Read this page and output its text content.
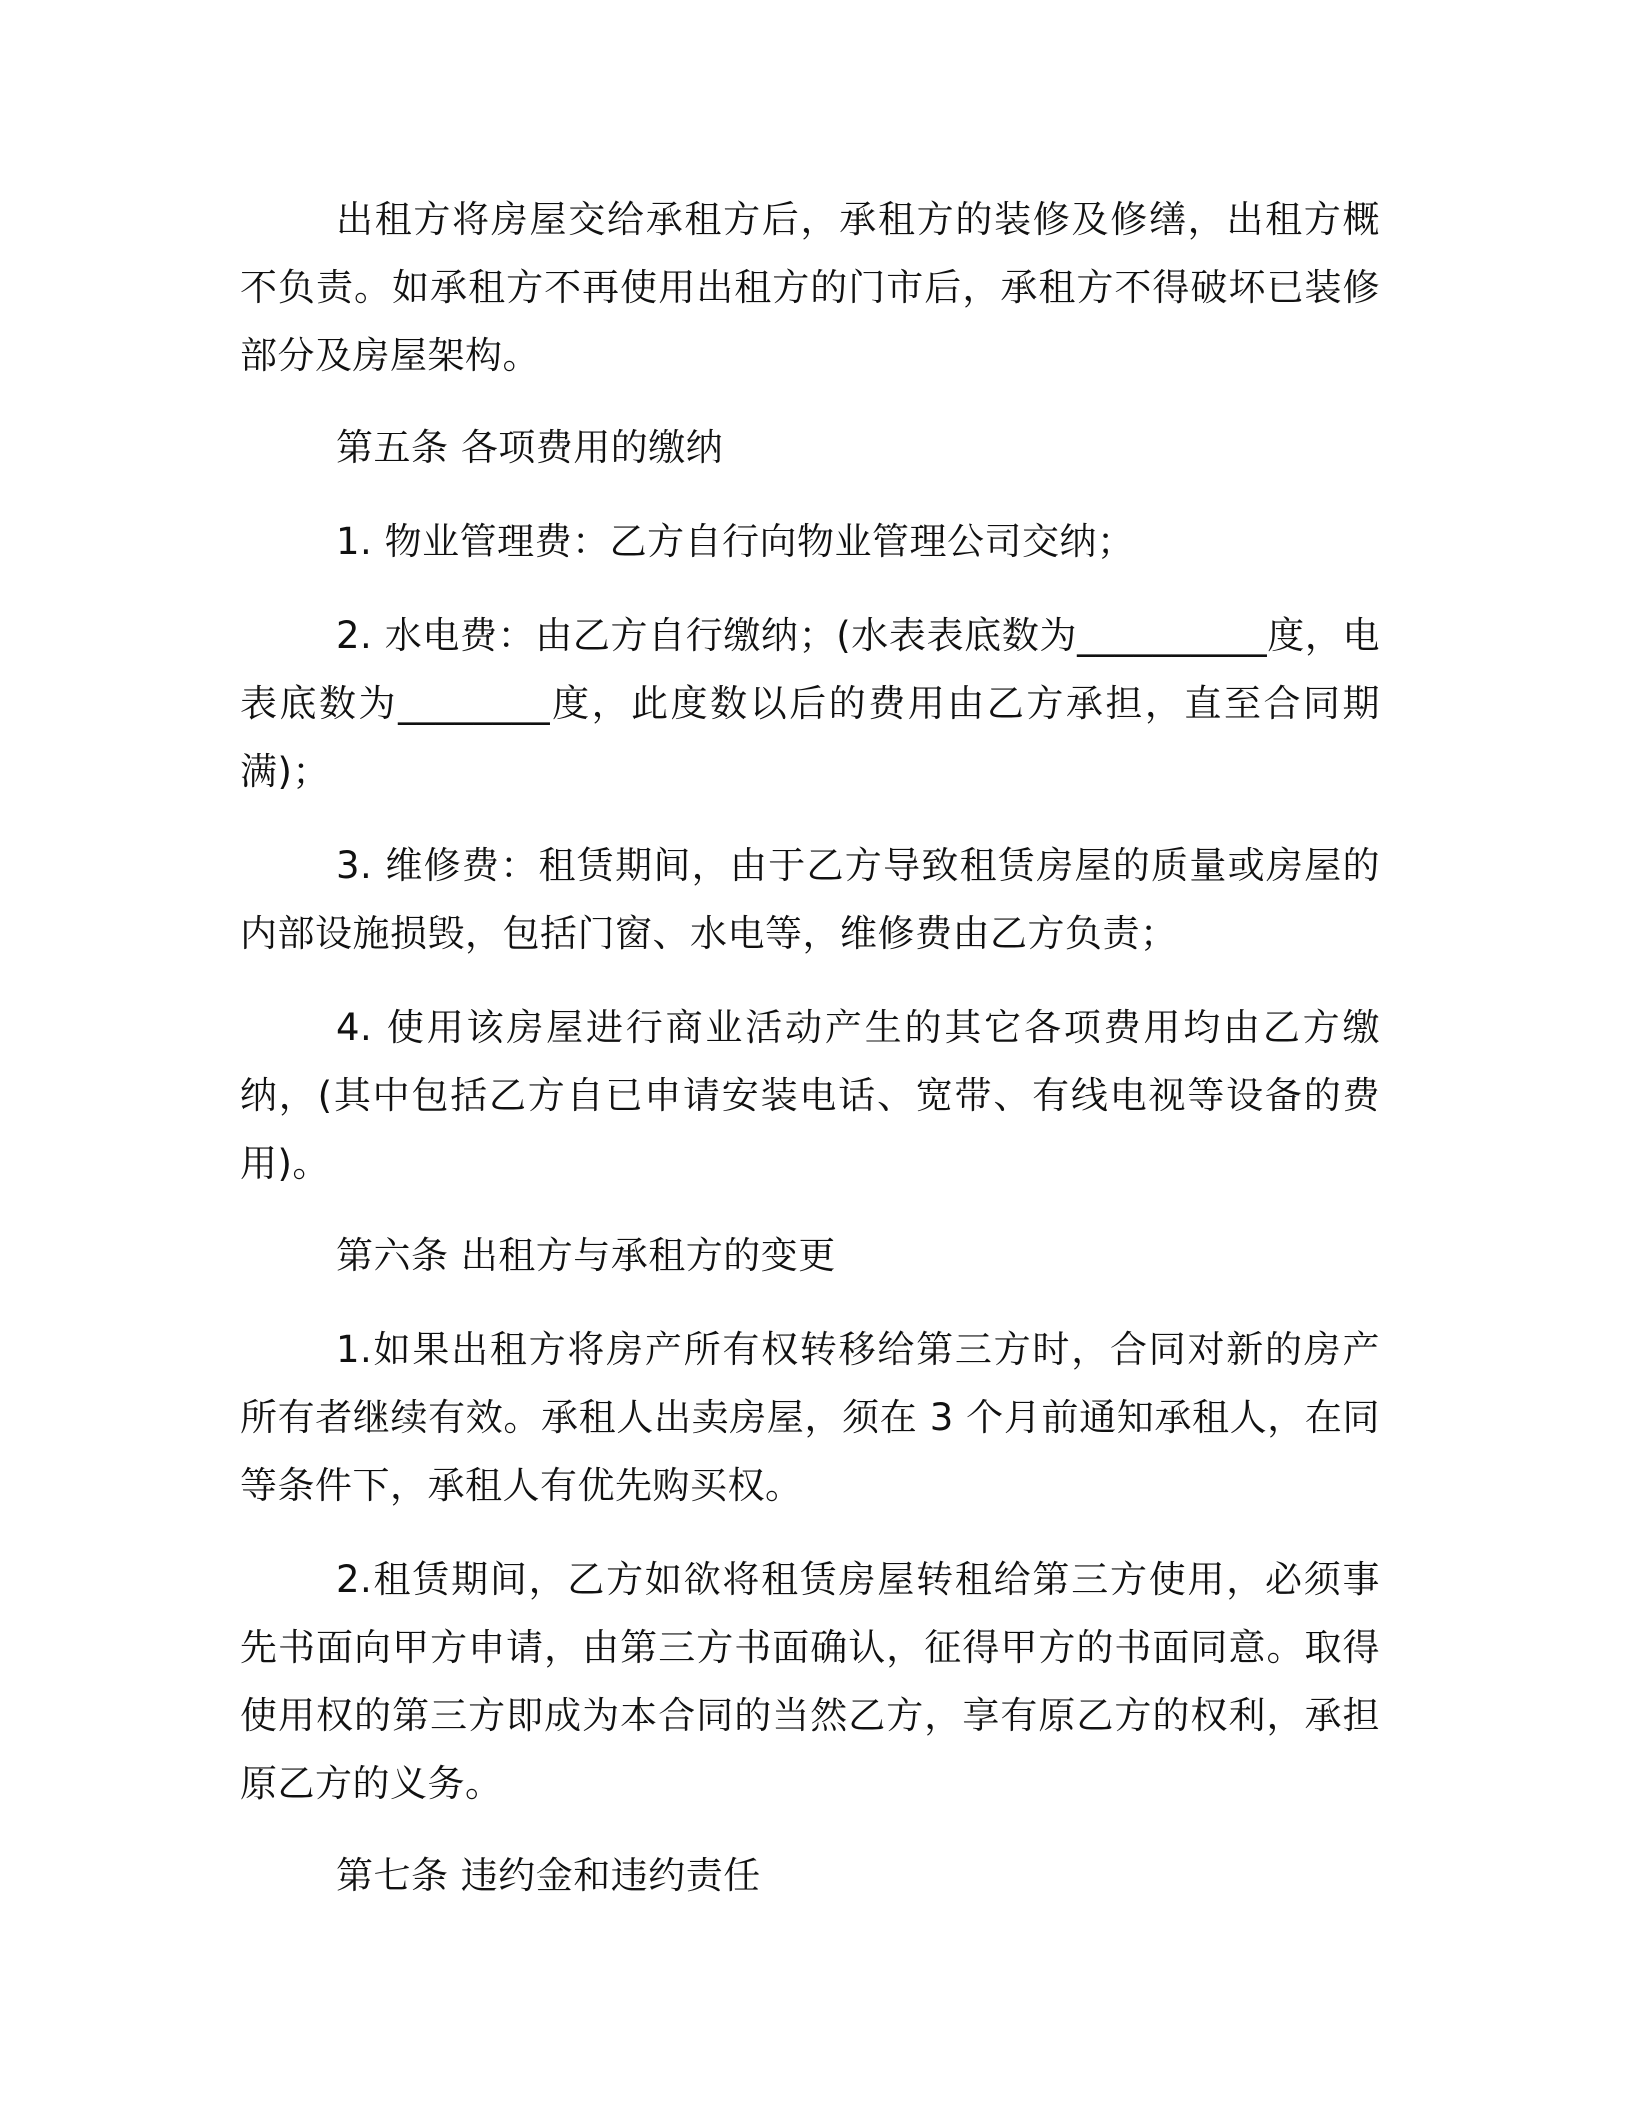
出租方将房屋交给承租方后，承租方的装修及修缮，出租方概不负责。如承租方不再使用出租方的门市后，承租方不得破坏已装修部分及房屋架构。

第五条 各项费用的缴纳

1. 物业管理费：乙方自行向物业管理公司交纳；

2. 水电费：由乙方自行缴纳；(水表表底数为__________度，电表底数为________度，此度数以后的费用由乙方承担，直至合同期满)；

3. 维修费：租赁期间，由于乙方导致租赁房屋的质量或房屋的内部设施损毁，包括门窗、水电等，维修费由乙方负责；

4. 使用该房屋进行商业活动产生的其它各项费用均由乙方缴纳，(其中包括乙方自已申请安装电话、宽带、有线电视等设备的费用)。

第六条 出租方与承租方的变更

1.如果出租方将房产所有权转移给第三方时，合同对新的房产所有者继续有效。承租人出卖房屋，须在 3 个月前通知承租人，在同等条件下，承租人有优先购买权。

2.租赁期间，乙方如欲将租赁房屋转租给第三方使用，必须事先书面向甲方申请，由第三方书面确认，征得甲方的书面同意。取得使用权的第三方即成为本合同的当然乙方，享有原乙方的权利，承担原乙方的义务。

第七条 违约金和违约责任
